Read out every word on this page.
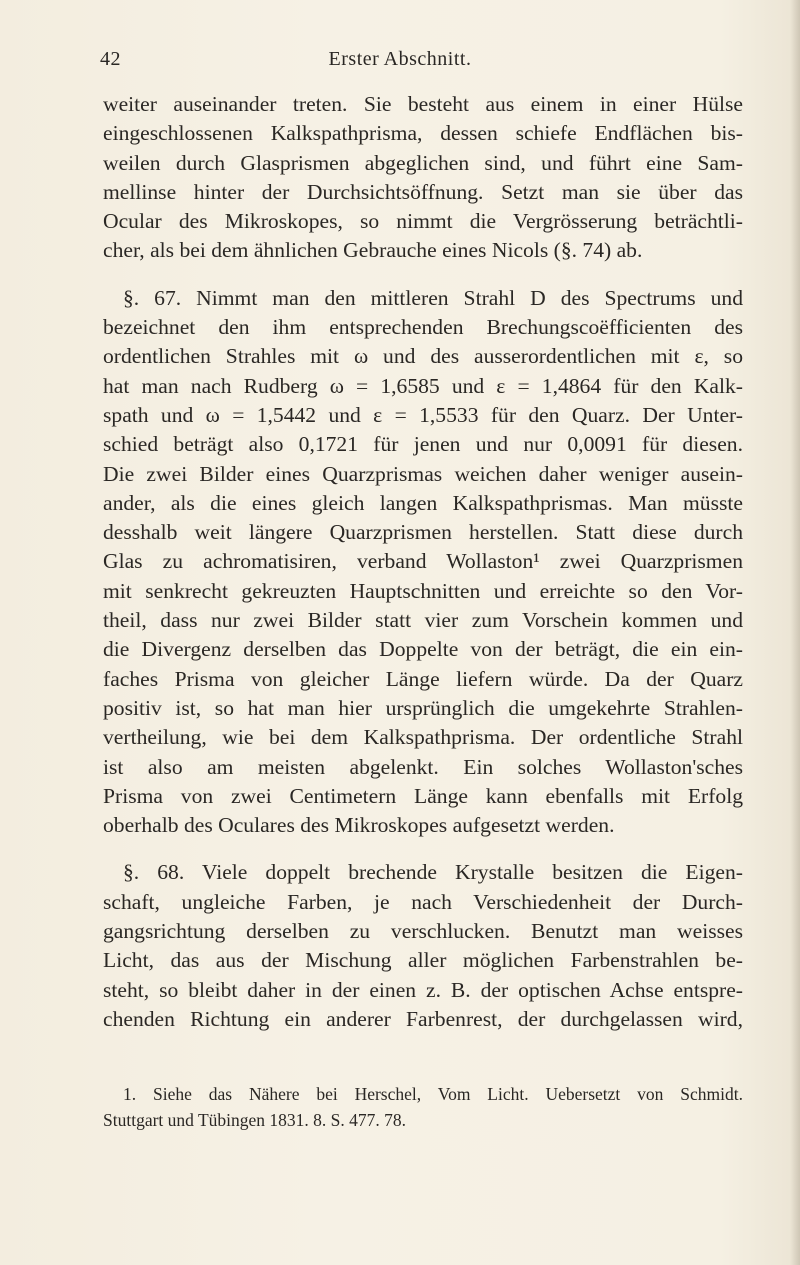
42	Erster Abschnitt.
weiter auseinander treten. Sie besteht aus einem in einer Hülse
eingeschlossenen Kalkspathprisma, dessen schiefe Endflächen bis-
weilen durch Glasprismen abgeglichen sind, und führt eine Sam-
mellinse hinter der Durchsichtsöffnung. Setzt man sie über das
Ocular des Mikroskopes, so nimmt die Vergrösserung beträchtli-
cher, als bei dem ähnlichen Gebrauche eines Nicols (§. 74) ab.
§. 67. Nimmt man den mittleren Strahl D des Spectrums und
bezeichnet den ihm entsprechenden Brechungscoëfficienten des
ordentlichen Strahles mit ω und des ausserordentlichen mit ε, so
hat man nach Rudberg ω = 1,6585 und ε = 1,4864 für den Kalk-
spath und ω = 1,5442 und ε = 1,5533 für den Quarz. Der Unter-
schied beträgt also 0,1721 für jenen und nur 0,0091 für diesen.
Die zwei Bilder eines Quarzprismas weichen daher weniger ausein-
ander, als die eines gleich langen Kalkspathprismas. Man müsste
desshalb weit längere Quarzprismen herstellen. Statt diese durch
Glas zu achromatisiren, verband Wollaston¹ zwei Quarzprismen
mit senkrecht gekreuzten Hauptschnitten und erreichte so den Vor-
theil, dass nur zwei Bilder statt vier zum Vorschein kommen und
die Divergenz derselben das Doppelte von der beträgt, die ein ein-
faches Prisma von gleicher Länge liefern würde. Da der Quarz
positiv ist, so hat man hier ursprünglich die umgekehrte Strahlen-
vertheilung, wie bei dem Kalkspathprisma. Der ordentliche Strahl
ist also am meisten abgelenkt. Ein solches Wollaston'sches
Prisma von zwei Centimetern Länge kann ebenfalls mit Erfolg
oberhalb des Oculares des Mikroskopes aufgesetzt werden.
§. 68. Viele doppelt brechende Krystalle besitzen die Eigen-
schaft, ungleiche Farben, je nach Verschiedenheit der Durch-
gangsrichtung derselben zu verschlucken. Benutzt man weisses
Licht, das aus der Mischung aller möglichen Farbenstrahlen be-
steht, so bleibt daher in der einen z. B. der optischen Achse entspre-
chenden Richtung ein anderer Farbenrest, der durchgelassen wird,
1. Siehe das Nähere bei Herschel, Vom Licht. Uebersetzt von Schmidt.
Stuttgart und Tübingen 1831. 8. S. 477. 78.
